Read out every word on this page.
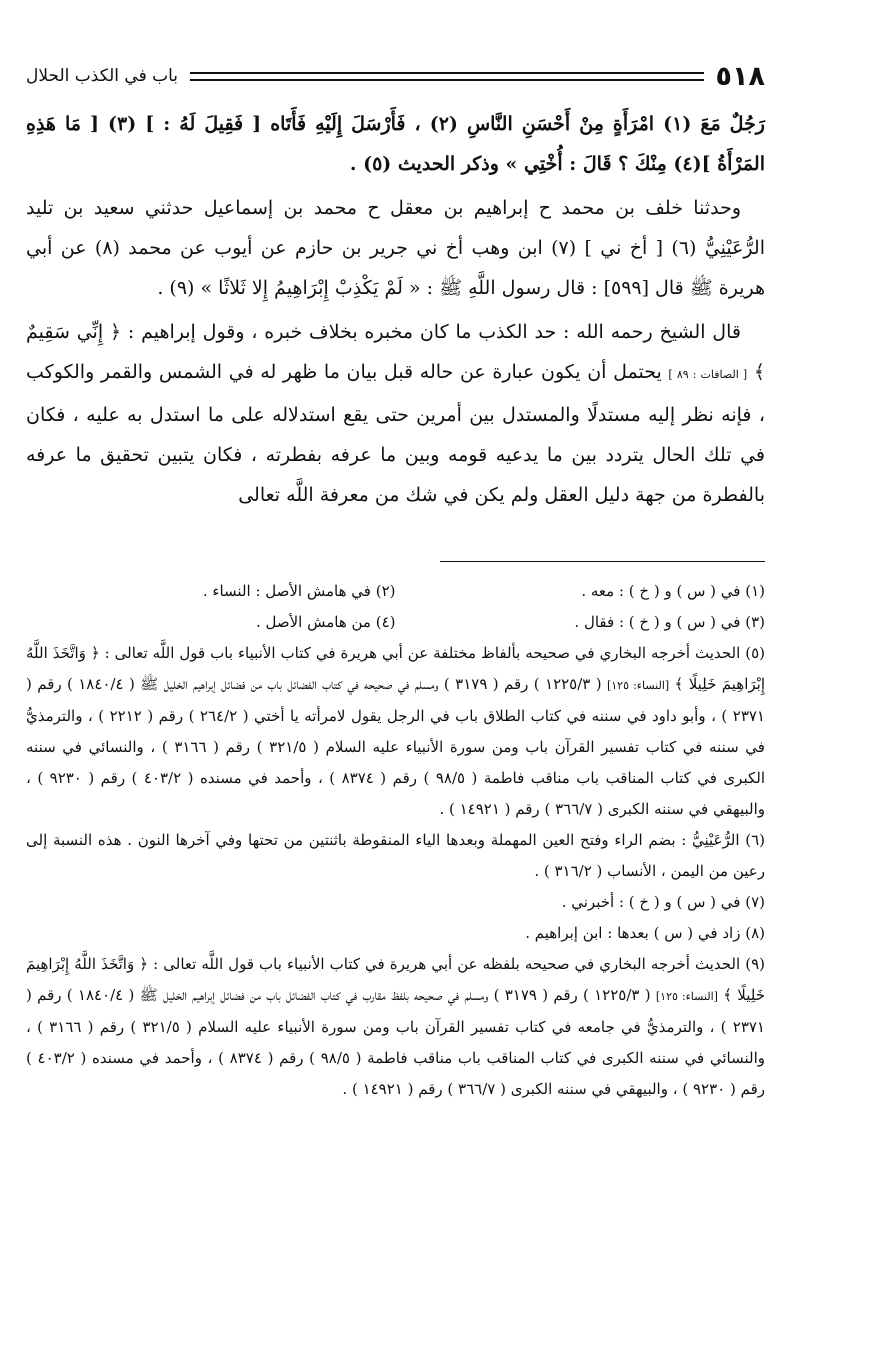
٥١٨
باب في الكذب الحلال

رَجُلٌ مَعَ (١) امْرَأَةٍ مِنْ أَحْسَنِ النَّاسِ (٢) ، فَأَرْسَلَ إِلَيْهِ فَأَتَاه [ فَقِيلَ لَهُ : ] (٣) [ مَا هَذِهِ المَرْأَةُ ](٤) مِنْكَ ؟ قَالَ : أُخْتِي » وذكر الحديث (٥) .

وحدثنا خلف بن محمد ح إبراهيم بن معقل ح محمد بن إسماعيل حدثني سعيد بن تليد الرُّعَيْنِيُّ (٦) [ أخ ني ] (٧) ابن وهب أخ ني جرير بن حازم عن أيوب عن محمد (٨) عن أبي هريرة ﷺ قال [٥٩٩] : قال رسول اللَّهِ ﷺ : « لَمْ يَكْذِبْ إِبْرَاهِيمُ إِلا ثَلاثًا » (٩) .

قال الشيخ رحمه الله : حد الكذب ما كان مخبره بخلاف خبره ، وقول إبراهيم : ﴿ إِنِّي سَقِيمٌ ﴾ [ الصافات : ٨٩ ] يحتمل أن يكون عبارة عن حاله قبل بيان ما ظهر له في الشمس والقمر والكوكب ، فإنه نظر إليه مستدلًا والمستدل بين أمرين حتى يقع استدلاله على ما استدل به عليه ، فكان في تلك الحال يتردد بين ما يدعيه قومه وبين ما عرفه بفطرته ، فكان يتبين تحقيق ما عرفه بالفطرة من جهة دليل العقل ولم يكن في شك من معرفة اللَّه تعالى

(١) في ( س ) و ( خ ) : معه .
(٢) في هامش الأصل : النساء .
(٣) في ( س ) و ( خ ) : فقال .
(٤) من هامش الأصل .

(٥) الحديث أخرجه البخاري في صحيحه بألفاظ مختلفة عن أبي هريرة في كتاب الأنبياء باب قول اللَّه تعالى : ﴿ وَاتَّخَذَ اللَّهُ إِبْرَاهِيمَ خَلِيلًا ﴾ [النساء: ١٢٥] ( ١٢٢٥/٣ ) رقم ( ٣١٧٩ ) ومسلم في صحيحه في كتاب الفضائل باب من فضائل إبراهيم الخليل ﷺ ( ١٨٤٠/٤ ) رقم ( ٢٣٧١ ) ، وأبو داود في سننه في كتاب الطلاق باب في الرجل يقول لامرأته يا أختي ( ٢٦٤/٢ ) رقم ( ٢٢١٢ ) ، والترمذيُّ في سننه في كتاب تفسير القرآن باب ومن سورة الأنبياء عليه السلام ( ٣٢١/٥ ) رقم ( ٣١٦٦ ) ، والنسائي في سننه الكبرى في كتاب المناقب باب مناقب فاطمة ( ٩٨/٥ ) رقم ( ٨٣٧٤ ) ، وأحمد في مسنده ( ٤٠٣/٢ ) رقم ( ٩٢٣٠ ) ، والبيهقي في سننه الكبرى ( ٣٦٦/٧ ) رقم ( ١٤٩٢١ ) .

(٦) الرُّعَيْنِيُّ : بضم الراء وفتح العين المهملة وبعدها الياء المنقوطة باثنتين من تحتها وفي آخرها النون . هذه النسبة إلى رعين من اليمن ، الأنساب ( ٣١٦/٢ ) .

(٧) في ( س ) و ( خ ) : أخبرني .

(٨) زاد في ( س ) بعدها : ابن إبراهيم .

(٩) الحديث أخرجه البخاري في صحيحه بلفظه عن أبي هريرة في كتاب الأنبياء باب قول اللَّه تعالى : ﴿ وَاتَّخَذَ اللَّهُ إِبْرَاهِيمَ خَلِيلًا ﴾ [النساء: ١٢٥] ( ١٢٢٥/٣ ) رقم ( ٣١٧٩ ) ومسلم في صحيحه بلفظ مقارب في كتاب الفضائل باب من فضائل إبراهيم الخليل ﷺ ( ١٨٤٠/٤ ) رقم ( ٢٣٧١ ) ، والترمذيُّ في جامعه في كتاب تفسير القرآن باب ومن سورة الأنبياء عليه السلام ( ٣٢١/٥ ) رقم ( ٣١٦٦ ) ، والنسائي في سننه الكبرى في كتاب المناقب باب مناقب فاطمة ( ٩٨/٥ ) رقم ( ٨٣٧٤ ) ، وأحمد في مسنده ( ٤٠٣/٢ ) رقم ( ٩٢٣٠ ) ، والبيهقي في سننه الكبرى ( ٣٦٦/٧ ) رقم ( ١٤٩٢١ ) .
